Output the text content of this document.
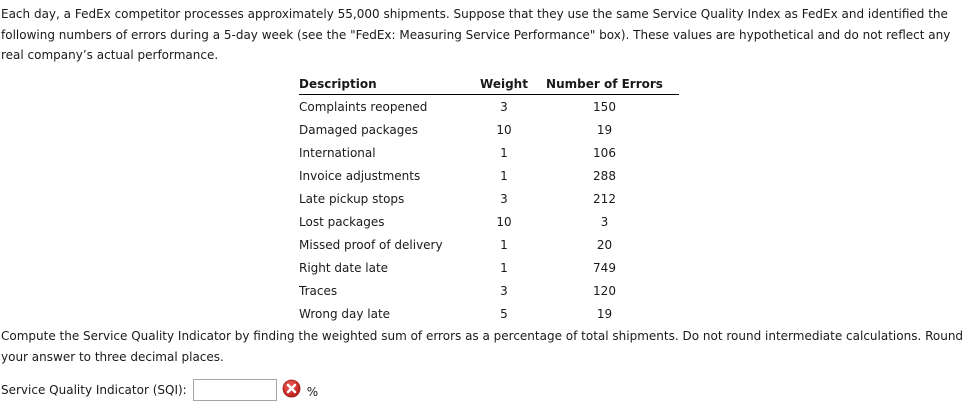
Each day, a FedEx competitor processes approximately 55,000 shipments. Suppose that they use the same Service Quality Index as FedEx and identified the following numbers of errors during a 5-day week (see the "FedEx: Measuring Service Performance" box). These values are hypothetical and do not reflect any real company’s actual performance.

Description	Weight	Number of Errors
Complaints reopened	3	150
Damaged packages	10	19
International	1	106
Invoice adjustments	1	288
Late pickup stops	3	212
Lost packages	10	3
Missed proof of delivery	1	20
Right date late	1	749
Traces	3	120
Wrong day late	5	19

Compute the Service Quality Indicator by finding the weighted sum of errors as a percentage of total shipments. Do not round intermediate calculations. Round your answer to three decimal places.

Service Quality Indicator (SQI):	%
